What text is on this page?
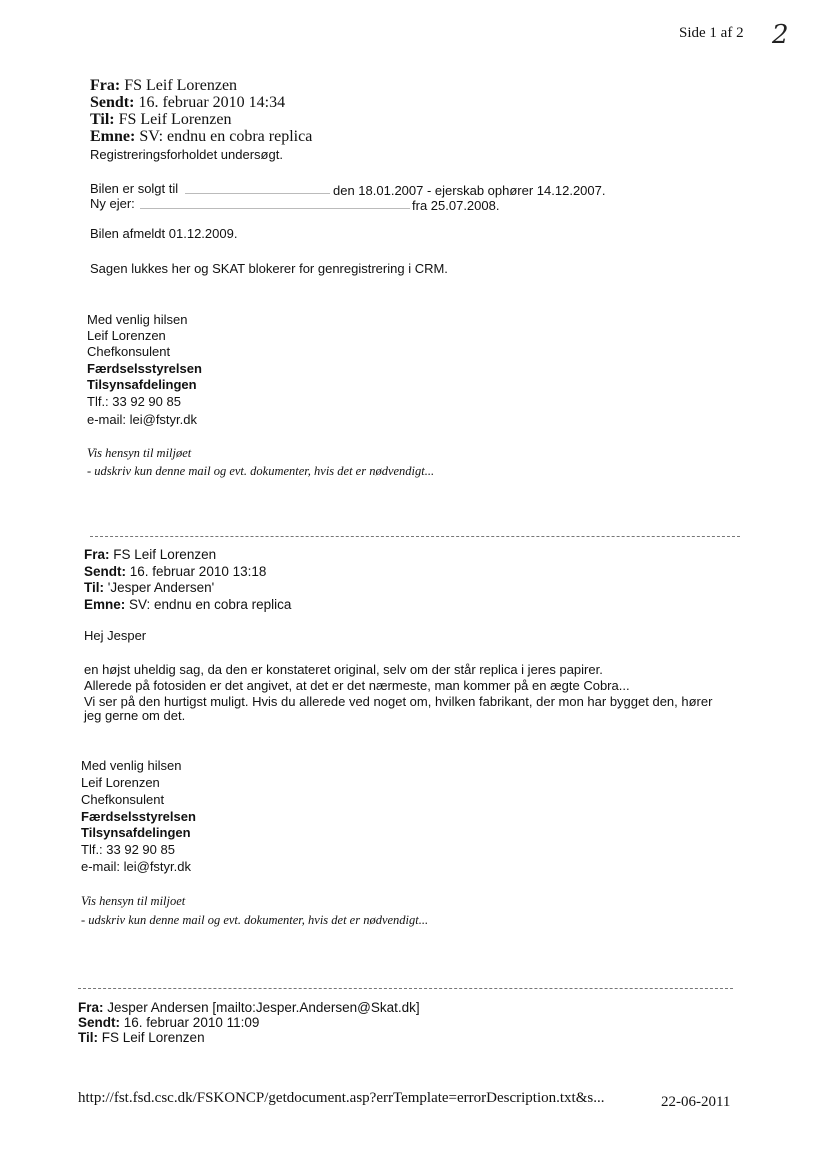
Side 1 af 2 2
Fra: FS Leif Lorenzen
Sendt: 16. februar 2010 14:34
Til: FS Leif Lorenzen
Emne: SV: endnu en cobra replica
Registreringsforholdet undersøgt.
Bilen er solgt til	den 18.01.2007 - ejerskab ophører 14.12.2007.
Ny ejer:	fra 25.07.2008.
Bilen afmeldt 01.12.2009.
Sagen lukkes her og SKAT blokerer for genregistrering i CRM.
Med venlig hilsen
Leif Lorenzen
Chefkonsulent
Færdselsstyrelsen
Tilsynsafdelingen
Tlf.: 33 92 90 85
e-mail: lei@fstyr.dk
Vis hensyn til miljøet
- udskriv kun denne mail og evt. dokumenter, hvis det er nødvendigt...
Fra: FS Leif Lorenzen
Sendt: 16. februar 2010 13:18
Til: 'Jesper Andersen'
Emne: SV: endnu en cobra replica
Hej Jesper
en højst uheldig sag, da den er konstateret original, selv om der står replica i jeres papirer.
Allerede på fotosiden er det angivet, at det er det nærmeste, man kommer på en ægte Cobra...
Vi ser på den hurtigst muligt. Hvis du allerede ved noget om, hvilken fabrikant, der mon har bygget den, hører
jeg gerne om det.
Med venlig hilsen
Leif Lorenzen
Chefkonsulent
Færdselsstyrelsen
Tilsynsafdelingen
Tlf.: 33 92 90 85
e-mail: lei@fstyr.dk
Vis hensyn til miljoet
- udskriv kun denne mail og evt. dokumenter, hvis det er nødvendigt...
Fra: Jesper Andersen [mailto:Jesper.Andersen@Skat.dk]
Sendt: 16. februar 2010 11:09
Til: FS Leif Lorenzen
http://fst.fsd.csc.dk/FSKONCP/getdocument.asp?errTemplate=errorDescription.txt&s...	22-06-2011
